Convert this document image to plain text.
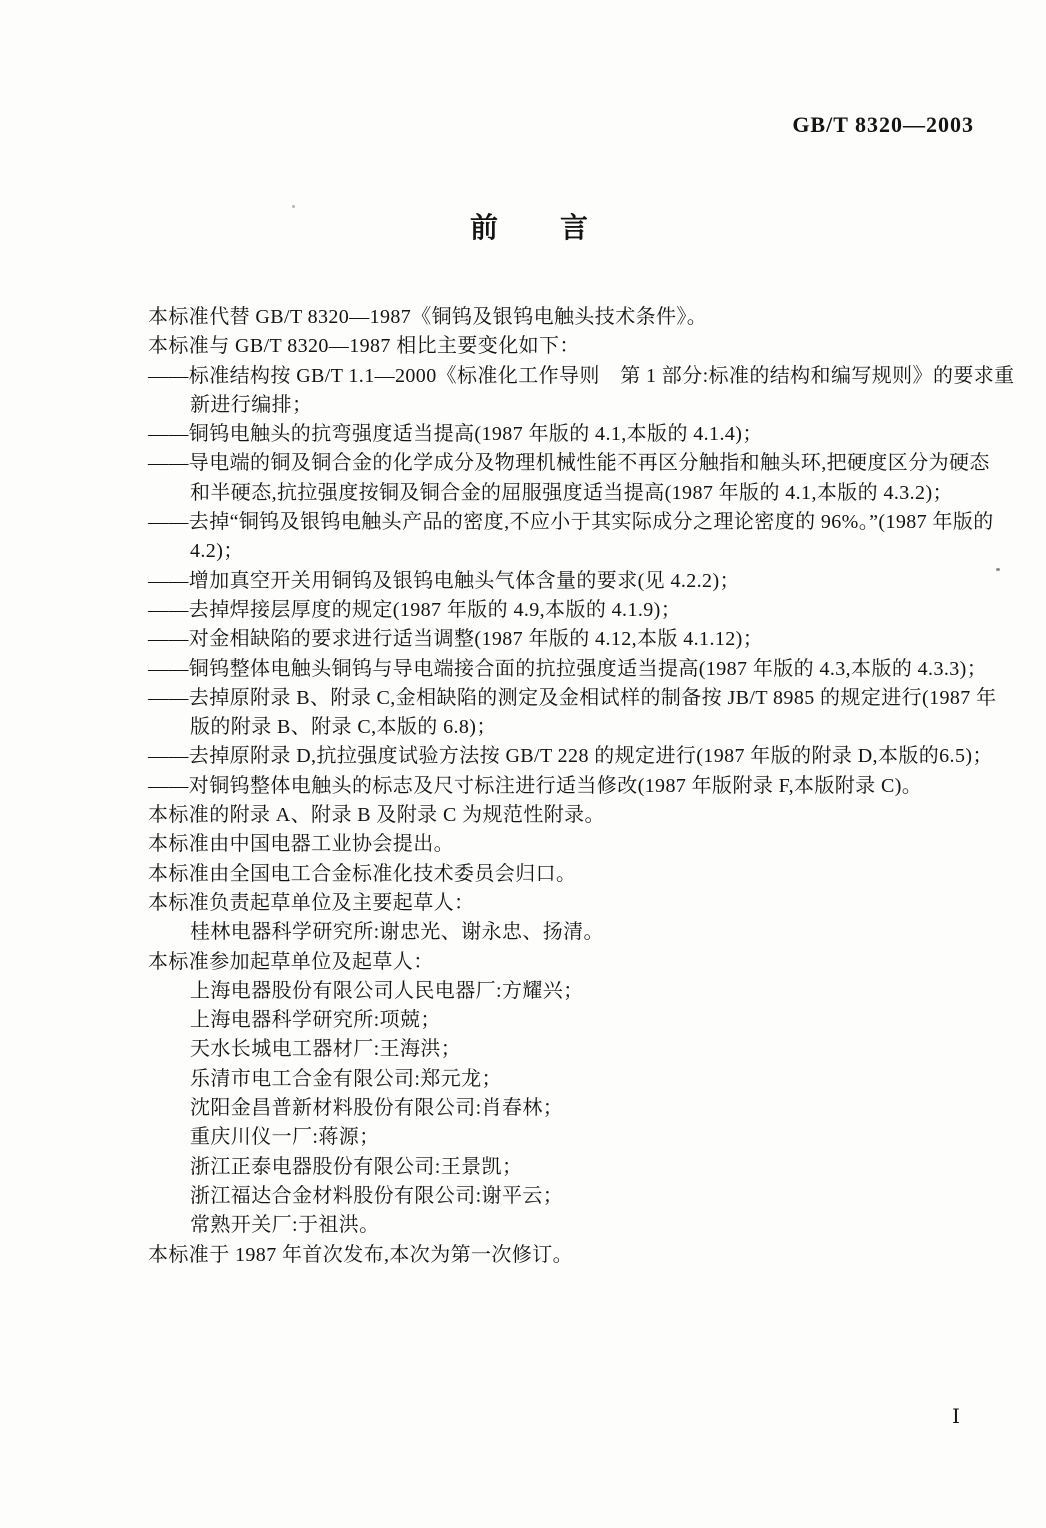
GB/T 8320—2003
前　　言
本标准代替 GB/T 8320—1987《铜钨及银钨电触头技术条件》。
本标准与 GB/T 8320—1987 相比主要变化如下：
——标准结构按 GB/T 1.1—2000《标准化工作导则　第 1 部分:标准的结构和编写规则》的要求重
新进行编排；
——铜钨电触头的抗弯强度适当提高(1987 年版的 4.1,本版的 4.1.4)；
——导电端的铜及铜合金的化学成分及物理机械性能不再区分触指和触头环,把硬度区分为硬态
和半硬态,抗拉强度按铜及铜合金的屈服强度适当提高(1987 年版的 4.1,本版的 4.3.2)；
——去掉“铜钨及银钨电触头产品的密度,不应小于其实际成分之理论密度的 96%。”(1987 年版的
4.2)；
——增加真空开关用铜钨及银钨电触头气体含量的要求(见 4.2.2)；
——去掉焊接层厚度的规定(1987 年版的 4.9,本版的 4.1.9)；
——对金相缺陷的要求进行适当调整(1987 年版的 4.12,本版 4.1.12)；
——铜钨整体电触头铜钨与导电端接合面的抗拉强度适当提高(1987 年版的 4.3,本版的 4.3.3)；
——去掉原附录 B、附录 C,金相缺陷的测定及金相试样的制备按 JB/T 8985 的规定进行(1987 年
版的附录 B、附录 C,本版的 6.8)；
——去掉原附录 D,抗拉强度试验方法按 GB/T 228 的规定进行(1987 年版的附录 D,本版的6.5)；
——对铜钨整体电触头的标志及尺寸标注进行适当修改(1987 年版附录 F,本版附录 C)。
本标准的附录 A、附录 B 及附录 C 为规范性附录。
本标准由中国电器工业协会提出。
本标准由全国电工合金标准化技术委员会归口。
本标准负责起草单位及主要起草人：
桂林电器科学研究所:谢忠光、谢永忠、扬清。
本标准参加起草单位及起草人：
上海电器股份有限公司人民电器厂:方耀兴；
上海电器科学研究所:项兢；
天水长城电工器材厂:王海洪；
乐清市电工合金有限公司:郑元龙；
沈阳金昌普新材料股份有限公司:肖春林；
重庆川仪一厂:蒋源；
浙江正泰电器股份有限公司:王景凯；
浙江福达合金材料股份有限公司:谢平云；
常熟开关厂:于祖洪。
本标准于 1987 年首次发布,本次为第一次修订。
Ⅰ
